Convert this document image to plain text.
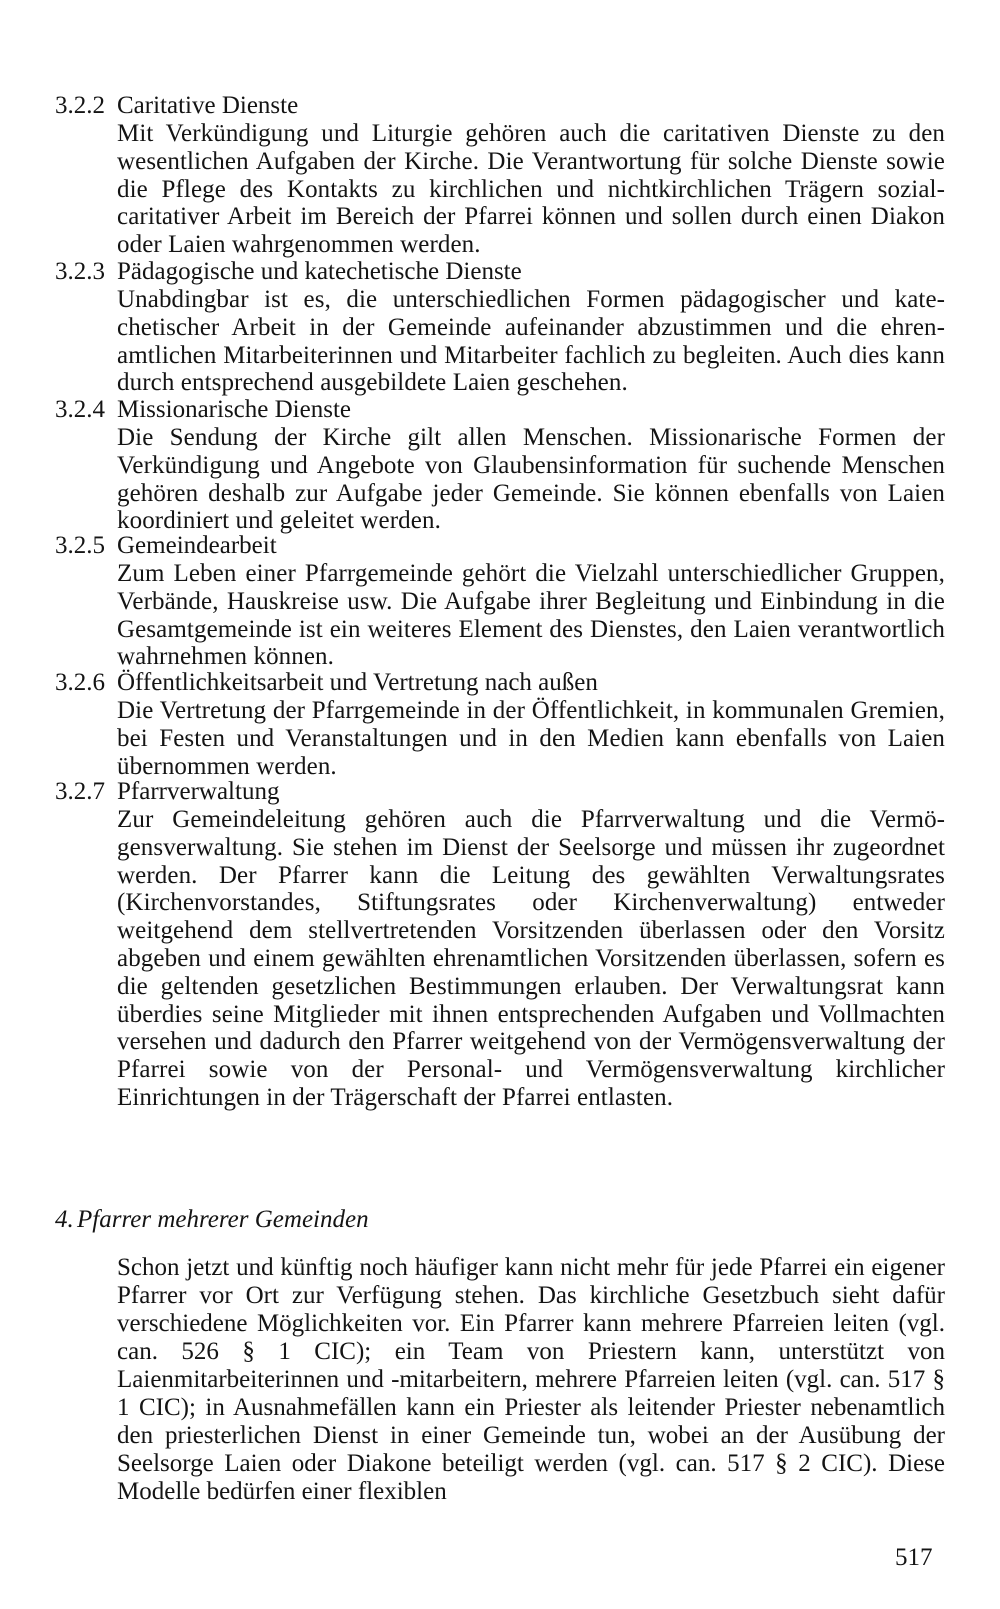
3.2.2 Caritative Dienste
Mit Verkündigung und Liturgie gehören auch die caritativen Dienste zu den wesentlichen Aufgaben der Kirche. Die Verantwortung für solche Dienste sowie die Pflege des Kontakts zu kirchlichen und nichtkirchlichen Trägern sozial-caritativer Arbeit im Bereich der Pfarrei können und sollen durch einen Diakon oder Laien wahrgenommen werden.
3.2.3 Pädagogische und katechetische Dienste
Unabdingbar ist es, die unterschiedlichen Formen pädagogischer und katechetischer Arbeit in der Gemeinde aufeinander abzustimmen und die ehrenamtlichen Mitarbeiterinnen und Mitarbeiter fachlich zu begleiten. Auch dies kann durch entsprechend ausgebildete Laien geschehen.
3.2.4 Missionarische Dienste
Die Sendung der Kirche gilt allen Menschen. Missionarische Formen der Verkündigung und Angebote von Glaubensinformation für suchende Menschen gehören deshalb zur Aufgabe jeder Gemeinde. Sie können ebenfalls von Laien koordiniert und geleitet werden.
3.2.5 Gemeindearbeit
Zum Leben einer Pfarrgemeinde gehört die Vielzahl unterschiedlicher Gruppen, Verbände, Hauskreise usw. Die Aufgabe ihrer Begleitung und Einbindung in die Gesamtgemeinde ist ein weiteres Element des Dienstes, den Laien verantwortlich wahrnehmen können.
3.2.6 Öffentlichkeitsarbeit und Vertretung nach außen
Die Vertretung der Pfarrgemeinde in der Öffentlichkeit, in kommunalen Gremien, bei Festen und Veranstaltungen und in den Medien kann ebenfalls von Laien übernommen werden.
3.2.7 Pfarrverwaltung
Zur Gemeindeleitung gehören auch die Pfarrverwaltung und die Vermögensverwaltung. Sie stehen im Dienst der Seelsorge und müssen ihr zugeordnet werden. Der Pfarrer kann die Leitung des gewählten Verwaltungsrates (Kirchenvorstandes, Stiftungsrates oder Kirchenverwaltung) entweder weitgehend dem stellvertretenden Vorsitzenden überlassen oder den Vorsitz abgeben und einem gewählten ehrenamtlichen Vorsitzenden überlassen, sofern es die geltenden gesetzlichen Bestimmungen erlauben. Der Verwaltungsrat kann überdies seine Mitglieder mit ihnen entsprechenden Aufgaben und Vollmachten versehen und dadurch den Pfarrer weitgehend von der Vermögensverwaltung der Pfarrei sowie von der Personal- und Vermögensverwaltung kirchlicher Einrichtungen in der Trägerschaft der Pfarrei entlasten.
4. Pfarrer mehrerer Gemeinden
Schon jetzt und künftig noch häufiger kann nicht mehr für jede Pfarrei ein eigener Pfarrer vor Ort zur Verfügung stehen. Das kirchliche Gesetzbuch sieht dafür verschiedene Möglichkeiten vor. Ein Pfarrer kann mehrere Pfarreien leiten (vgl. can. 526 § 1 CIC); ein Team von Priestern kann, unterstützt von Laienmitarbeiterinnen und -mitarbeitern, mehrere Pfarreien leiten (vgl. can. 517 § 1 CIC); in Ausnahmefällen kann ein Priester als leitender Priester nebenamtlich den priesterlichen Dienst in einer Gemeinde tun, wobei an der Ausübung der Seelsorge Laien oder Diakone beteiligt werden (vgl. can. 517 § 2 CIC). Diese Modelle bedürfen einer flexiblen
517
